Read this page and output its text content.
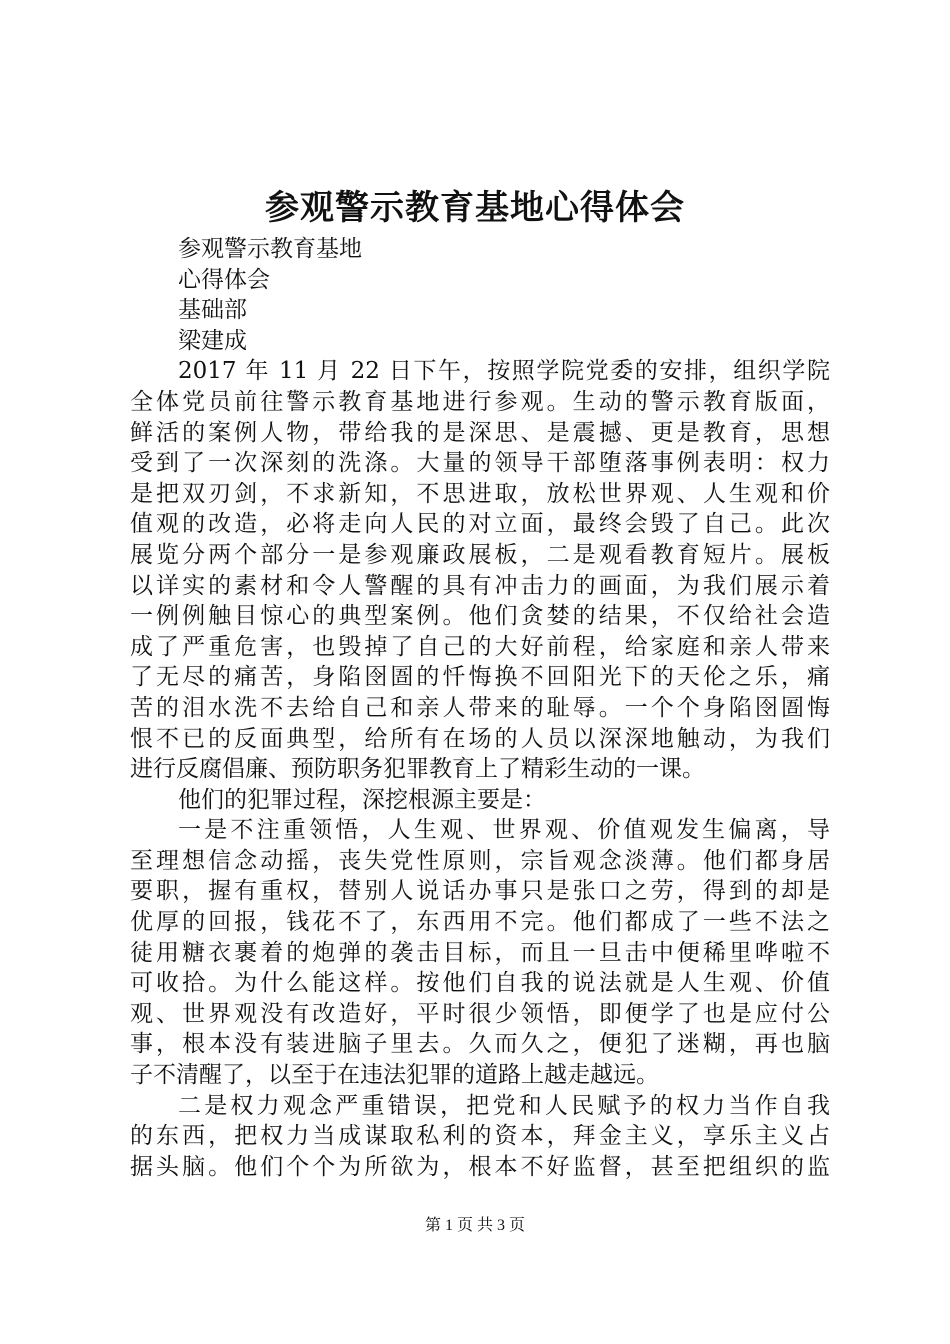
参观警示教育基地心得体会
参观警示教育基地
心得体会
基础部
梁建成
2017 年 11 月 22 日下午，按照学院党委的安排，组织学院
全体党员前往警示教育基地进行参观。生动的警示教育版面，
鲜活的案例人物，带给我的是深思、是震撼、更是教育，思想
受到了一次深刻的洗涤。大量的领导干部堕落事例表明：权力
是把双刃剑，不求新知，不思进取，放松世界观、人生观和价
值观的改造，必将走向人民的对立面，最终会毁了自己。此次
展览分两个部分一是参观廉政展板，二是观看教育短片。展板
以详实的素材和令人警醒的具有冲击力的画面，为我们展示着
一例例触目惊心的典型案例。他们贪婪的结果，不仅给社会造
成了严重危害，也毁掉了自己的大好前程，给家庭和亲人带来
了无尽的痛苦，身陷囹圄的忏悔换不回阳光下的天伦之乐，痛
苦的泪水洗不去给自己和亲人带来的耻辱。一个个身陷囹圄悔
恨不已的反面典型，给所有在场的人员以深深地触动，为我们
进行反腐倡廉、预防职务犯罪教育上了精彩生动的一课。
他们的犯罪过程，深挖根源主要是：
一是不注重领悟，人生观、世界观、价值观发生偏离，导
至理想信念动摇，丧失党性原则，宗旨观念淡薄。他们都身居
要职，握有重权，替别人说话办事只是张口之劳，得到的却是
优厚的回报，钱花不了，东西用不完。他们都成了一些不法之
徒用糖衣裹着的炮弹的袭击目标，而且一旦击中便稀里哗啦不
可收拾。为什么能这样。按他们自我的说法就是人生观、价值
观、世界观没有改造好，平时很少领悟，即便学了也是应付公
事，根本没有装进脑子里去。久而久之，便犯了迷糊，再也脑
子不清醒了，以至于在违法犯罪的道路上越走越远。
二是权力观念严重错误，把党和人民赋予的权力当作自我
的东西，把权力当成谋取私利的资本，拜金主义，享乐主义占
据头脑。他们个个为所欲为，根本不好监督，甚至把组织的监
第 1 页 共 3 页
